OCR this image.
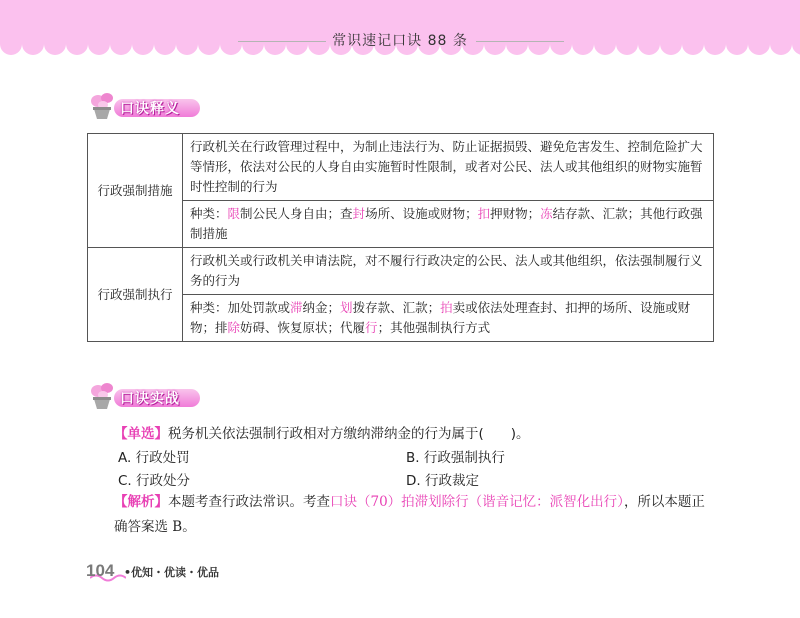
常识速记口诀 88 条
口诀释义
行政强制措施	行政机关在行政管理过程中，为制止违法行为、防止证据损毁、避免危害发生、控制危险扩大等情形，依法对公民的人身自由实施暂时性限制，或者对公民、法人或其他组织的财物实施暂时性控制的行为
	种类：限制公民人身自由；查封场所、设施或财物；扣押财物；冻结存款、汇款；其他行政强制措施
行政强制执行	行政机关或行政机关申请法院，对不履行行政决定的公民、法人或其他组织，依法强制履行义务的行为
	种类：加处罚款或滞纳金；划拨存款、汇款；拍卖或依法处理查封、扣押的场所、设施或财物；排除妨碍、恢复原状；代履行；其他强制执行方式
口诀实战
【单选】税务机关依法强制行政相对方缴纳滞纳金的行为属于(　　)。
A. 行政处罚	B. 行政强制执行
C. 行政处分	D. 行政裁定
【解析】本题考查行政法常识。考查口诀（70）拍滞划除行（谐音记忆：派智化出行），所以本题正确答案选 B。
104 •优知・优读・优品
